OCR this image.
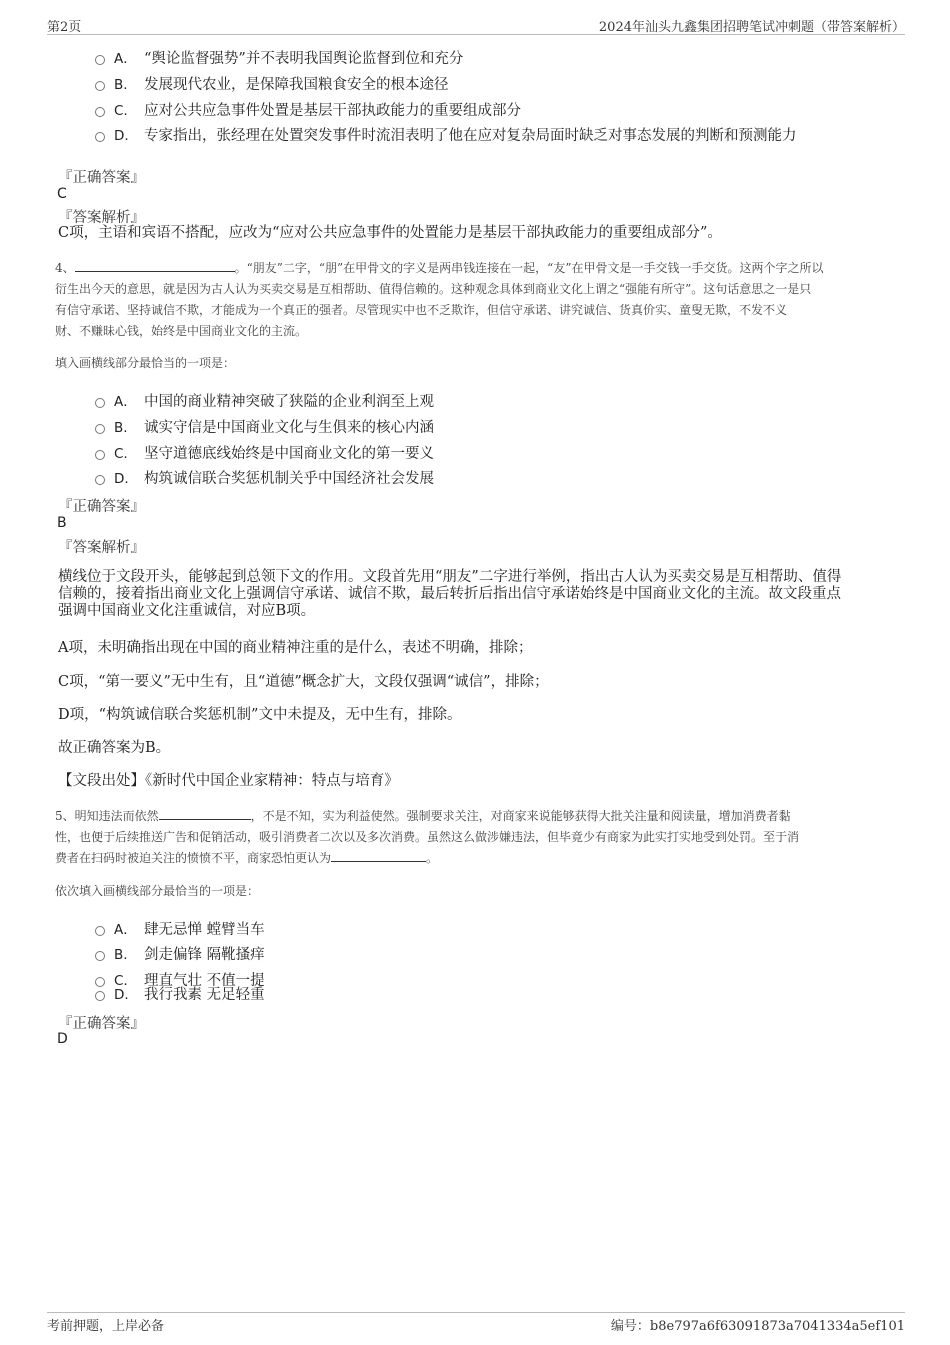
第2页	2024年汕头九鑫集团招聘笔试冲刺题（带答案解析）
A． “舆论监督强势”并不表明我国舆论监督到位和充分
B. 发展现代农业，是保障我国粮食安全的根本途径
C. 应对公共应急事件处置是基层干部执政能力的重要组成部分
D. 专家指出，张经理在处置突发事件时流泪表明了他在应对复杂局面时缺乏对事态发展的判断和预测能力
『正确答案』
C
『答案解析』
C项，主语和宾语不搭配，应改为“应对公共应急事件的处置能力是基层干部执政能力的重要组成部分”。
4、	。“朋友”二字，“朋”在甲骨文的字义是两串钱连接在一起，“友”在甲骨文是一手交钱一手交货。这两个字之所以
衍生出今天的意思，就是因为古人认为买卖交易是互相帮助、值得信赖的。这种观念具体到商业文化上谓之“强能有所守”。这句话意思之一是只
有信守承诺、坚持诚信不欺，才能成为一个真正的强者。尽管现实中也不乏欺诈，但信守承诺、讲究诚信、货真价实、童叟无欺，不发不义
财、不赚昧心钱，始终是中国商业文化的主流。
填入画横线部分最恰当的一项是：
A． 中国的商业精神突破了狭隘的企业利润至上观
B. 诚实守信是中国商业文化与生俱来的核心内涵
C. 坚守道德底线始终是中国商业文化的第一要义
D. 构筑诚信联合奖惩机制关乎中国经济社会发展
『正确答案』
B
『答案解析』
横线位于文段开头，能够起到总领下文的作用。文段首先用“朋友”二字进行举例，指出古人认为买卖交易是互相帮助、值得
信赖的，接着指出商业文化上强调信守承诺、诚信不欺，最后转折后指出信守承诺始终是中国商业文化的主流。故文段重点
强调中国商业文化注重诚信，对应B项。
A项，未明确指出现在中国的商业精神注重的是什么，表述不明确，排除；
C项，“第一要义”无中生有，且“道德”概念扩大，文段仅强调“诚信”，排除；
D项，“构筑诚信联合奖惩机制”文中未提及，无中生有，排除。
故正确答案为B。
【文段出处】《新时代中国企业家精神：特点与培育》
5、明知违法而依然	，不是不知，实为利益使然。强制要求关注，对商家来说能够获得大批关注量和阅读量，增加消费者黏
性，也便于后续推送广告和促销活动，吸引消费者二次以及多次消费。虽然这么做涉嫌违法，但毕竟少有商家为此实打实地受到处罚。至于消
费者在扫码时被迫关注的愤愤不平，商家恐怕更认为	。
依次填入画横线部分最恰当的一项是：
A． 肆无忌惮 螳臂当车
B. 剑走偏锋 隔靴搔痒
C. 理直气壮 不值一提
D. 我行我素 无足轻重
『正确答案』
D
考前押题，上岸必备	编号：b8e797a6f63091873a7041334a5ef101
